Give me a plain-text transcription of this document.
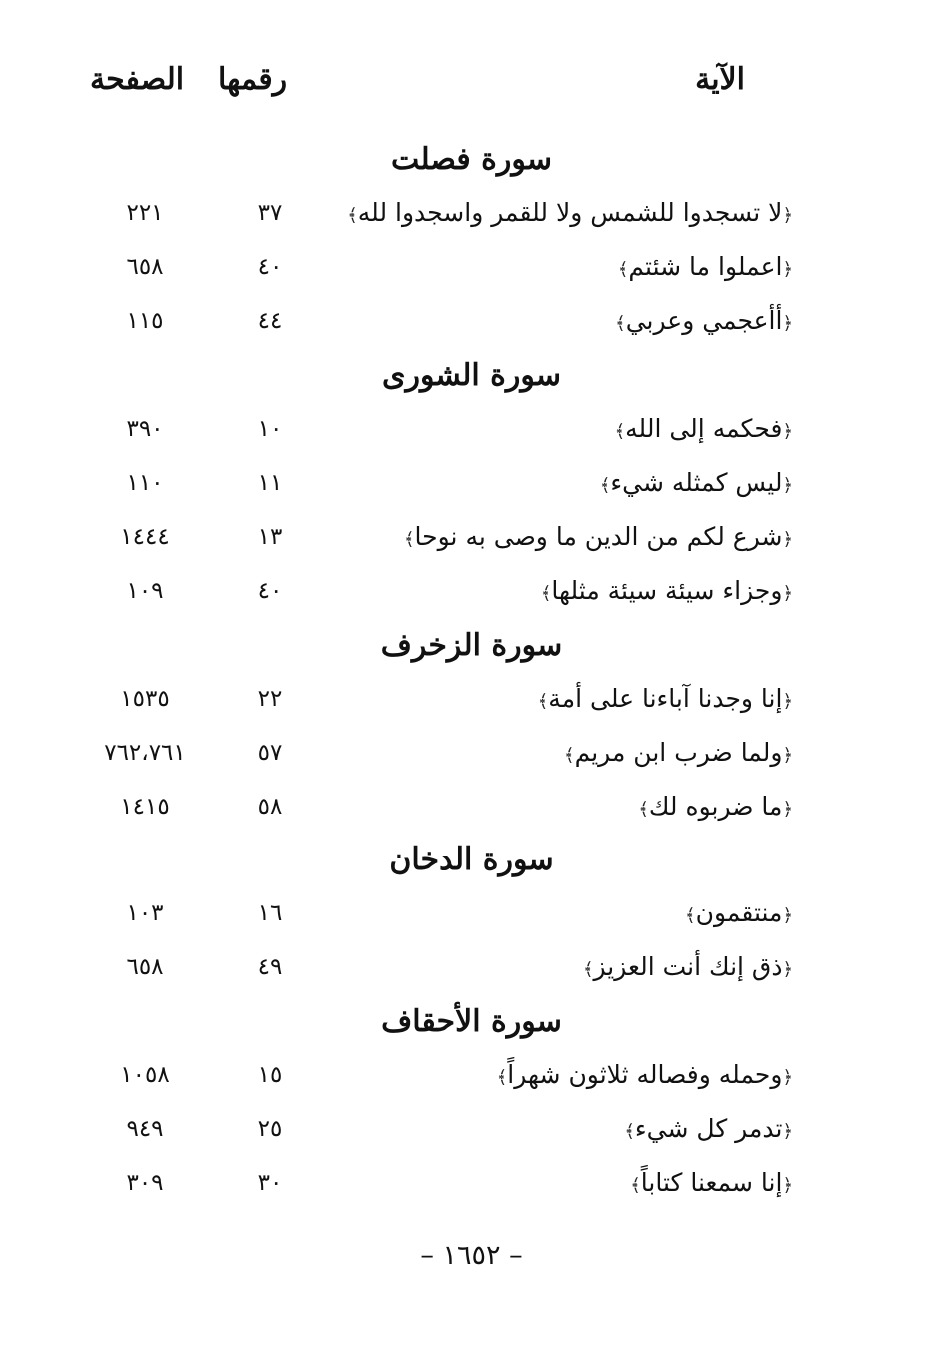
الآية
رقمها
الصفحة
سورة فصلت
﴿لا تسجدوا للشمس ولا للقمر واسجدوا لله﴾
٣٧
٢٢١
﴿اعملوا ما شئتم﴾
٤٠
٦٥٨
﴿أأعجمي وعربي﴾
٤٤
١١٥
سورة الشورى
﴿فحكمه إلى الله﴾
١٠
٣٩٠
﴿ليس كمثله شيء﴾
١١
١١٠
﴿شرع لكم من الدين ما وصى به نوحا﴾
١٣
١٤٤٤
﴿وجزاء سيئة سيئة مثلها﴾
٤٠
١٠٩
سورة الزخرف
﴿إنا وجدنا آباءنا على أمة﴾
٢٢
١٥٣٥
﴿ولما ضرب ابن مريم﴾
٥٧
٧٦٢،٧٦١
﴿ما ضربوه لك﴾
٥٨
١٤١٥
سورة الدخان
﴿منتقمون﴾
١٦
١٠٣
﴿ذق إنك أنت العزيز﴾
٤٩
٦٥٨
سورة الأحقاف
﴿وحمله وفصاله ثلاثون شهراً﴾
١٥
١٠٥٨
﴿تدمر كل شيء﴾
٢٥
٩٤٩
﴿إنا سمعنا كتاباً﴾
٣٠
٣٠٩
– ١٦٥٢ –
